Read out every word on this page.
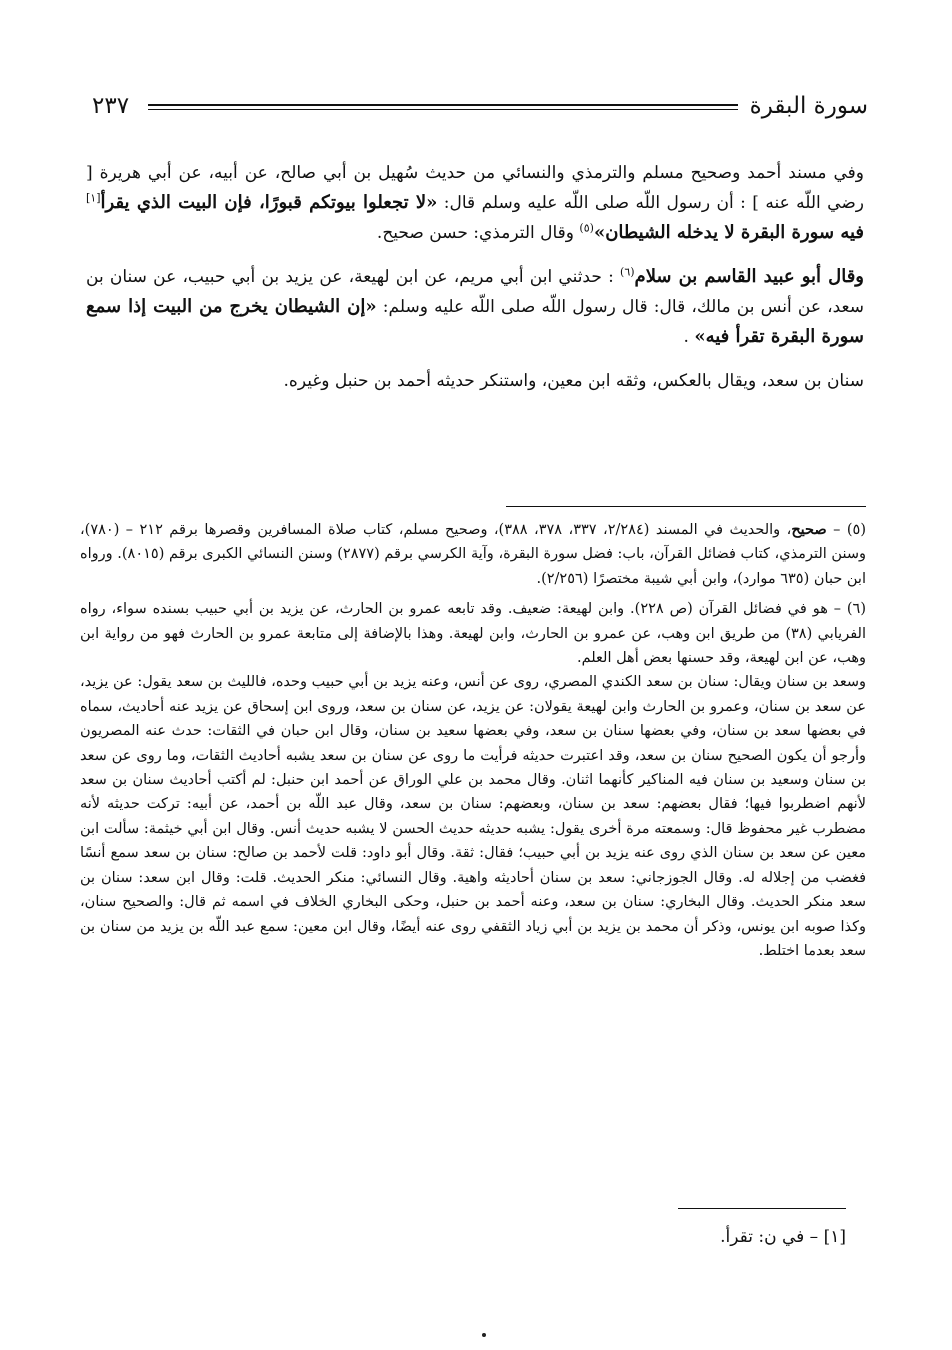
سورة البقرة
٢٣٧

وفي مسند أحمد وصحيح مسلم والترمذي والنسائي من حديث سُهيل بن أبي صالح، عن أبيه، عن أبي هريرة [ رضي اللّه عنه ] : أن رسول اللّه صلى اللّه عليه وسلم قال: «لا تجعلوا بيوتكم قبورًا، فإن البيت الذي يقرأ[١] فيه سورة البقرة لا يدخله الشيطان»$^{(٥)}$ وقال الترمذي: حسن صحيح.

وقال أبو عبيد القاسم بن سلام$^{(٦)}$ : حدثني ابن أبي مريم، عن ابن لهيعة، عن يزيد بن أبي حبيب، عن سنان بن سعد، عن أنس بن مالك، قال: قال رسول اللّه صلى اللّه عليه وسلم: «إن الشيطان يخرج من البيت إذا سمع سورة البقرة تقرأ فيه» .

سنان بن سعد، ويقال بالعكس، وثقه ابن معين، واستنكر حديثه أحمد بن حنبل وغيره.

(٥) – صحيح، والحديث في المسند (٢/٢٨٤، ٣٣٧، ٣٧٨، ٣٨٨)، وصحيح مسلم، كتاب صلاة المسافرين وقصرها برقم ٢١٢ – (٧٨٠)، وسنن الترمذي، كتاب فضائل القرآن، باب: فضل سورة البقرة، وآية الكرسي برقم (٢٨٧٧) وسنن النسائي الكبرى برقم (٨٠١٥). ورواه ابن حبان (٦٣٥ موارد)، وابن أبي شيبة مختصرًا (٢/٢٥٦).

(٦) – هو في فضائل القرآن (ص ٢٢٨). وابن لهيعة: ضعيف. وقد تابعه عمرو بن الحارث، عن يزيد بن أبي حبيب بسنده سواء، رواه الفريابي (٣٨) من طريق ابن وهب، عن عمرو بن الحارث، وابن لهيعة. وهذا بالإضافة إلى متابعة عمرو بن الحارث فهو من رواية ابن وهب، عن ابن لهيعة، وقد حسنها بعض أهل العلم.

وسعد بن سنان ويقال: سنان بن سعد الكندي المصري، روى عن أنس، وعنه يزيد بن أبي حبيب وحده، فالليث بن سعد يقول: عن يزيد، عن سعد بن سنان، وعمرو بن الحارث وابن لهيعة يقولان: عن يزيد، عن سنان بن سعد، وروى ابن إسحاق عن يزيد عنه أحاديث، سماه في بعضها سعد بن سنان، وفي بعضها سنان بن سعد، وفي بعضها سعيد بن سنان، وقال ابن حبان في الثقات: حدث عنه المصريون وأرجو أن يكون الصحيح سنان بن سعد، وقد اعتبرت حديثه فرأيت ما روى عن سنان بن سعد يشبه أحاديث الثقات، وما روى عن سعد بن سنان وسعيد بن سنان فيه المناكير كأنهما اثنان. وقال محمد بن علي الوراق عن أحمد ابن حنبل: لم أكتب أحاديث سنان بن سعد لأنهم اضطربوا فيها؛ فقال بعضهم: سعد بن سنان، وبعضهم: سنان بن سعد، وقال عبد اللّه بن أحمد، عن أبيه: تركت حديثه لأنه مضطرب غير محفوظ قال: وسمعته مرة أخرى يقول: يشبه حديثه حديث الحسن لا يشبه حديث أنس. وقال ابن أبي خيثمة: سألت ابن معين عن سعد بن سنان الذي روى عنه يزيد بن أبي حبيب؛ فقال: ثقة. وقال أبو داود: قلت لأحمد بن صالح: سنان بن سعد سمع أنسًا فغضب من إجلاله له. وقال الجوزجاني: سعد بن سنان أحاديثه واهية. وقال النسائي: منكر الحديث. قلت: وقال ابن سعد: سنان بن سعد منكر الحديث. وقال البخاري: سنان بن سعد، وعنه أحمد بن حنبل، وحكى البخاري الخلاف في اسمه ثم قال: والصحيح سنان، وكذا صوبه ابن يونس، وذكر أن محمد بن يزيد بن أبي زياد الثقفي روى عنه أيضًا، وقال ابن معين: سمع عبد اللّه بن يزيد من سنان بن سعد بعدما اختلط.

[١] – في ن: تقرأ.
